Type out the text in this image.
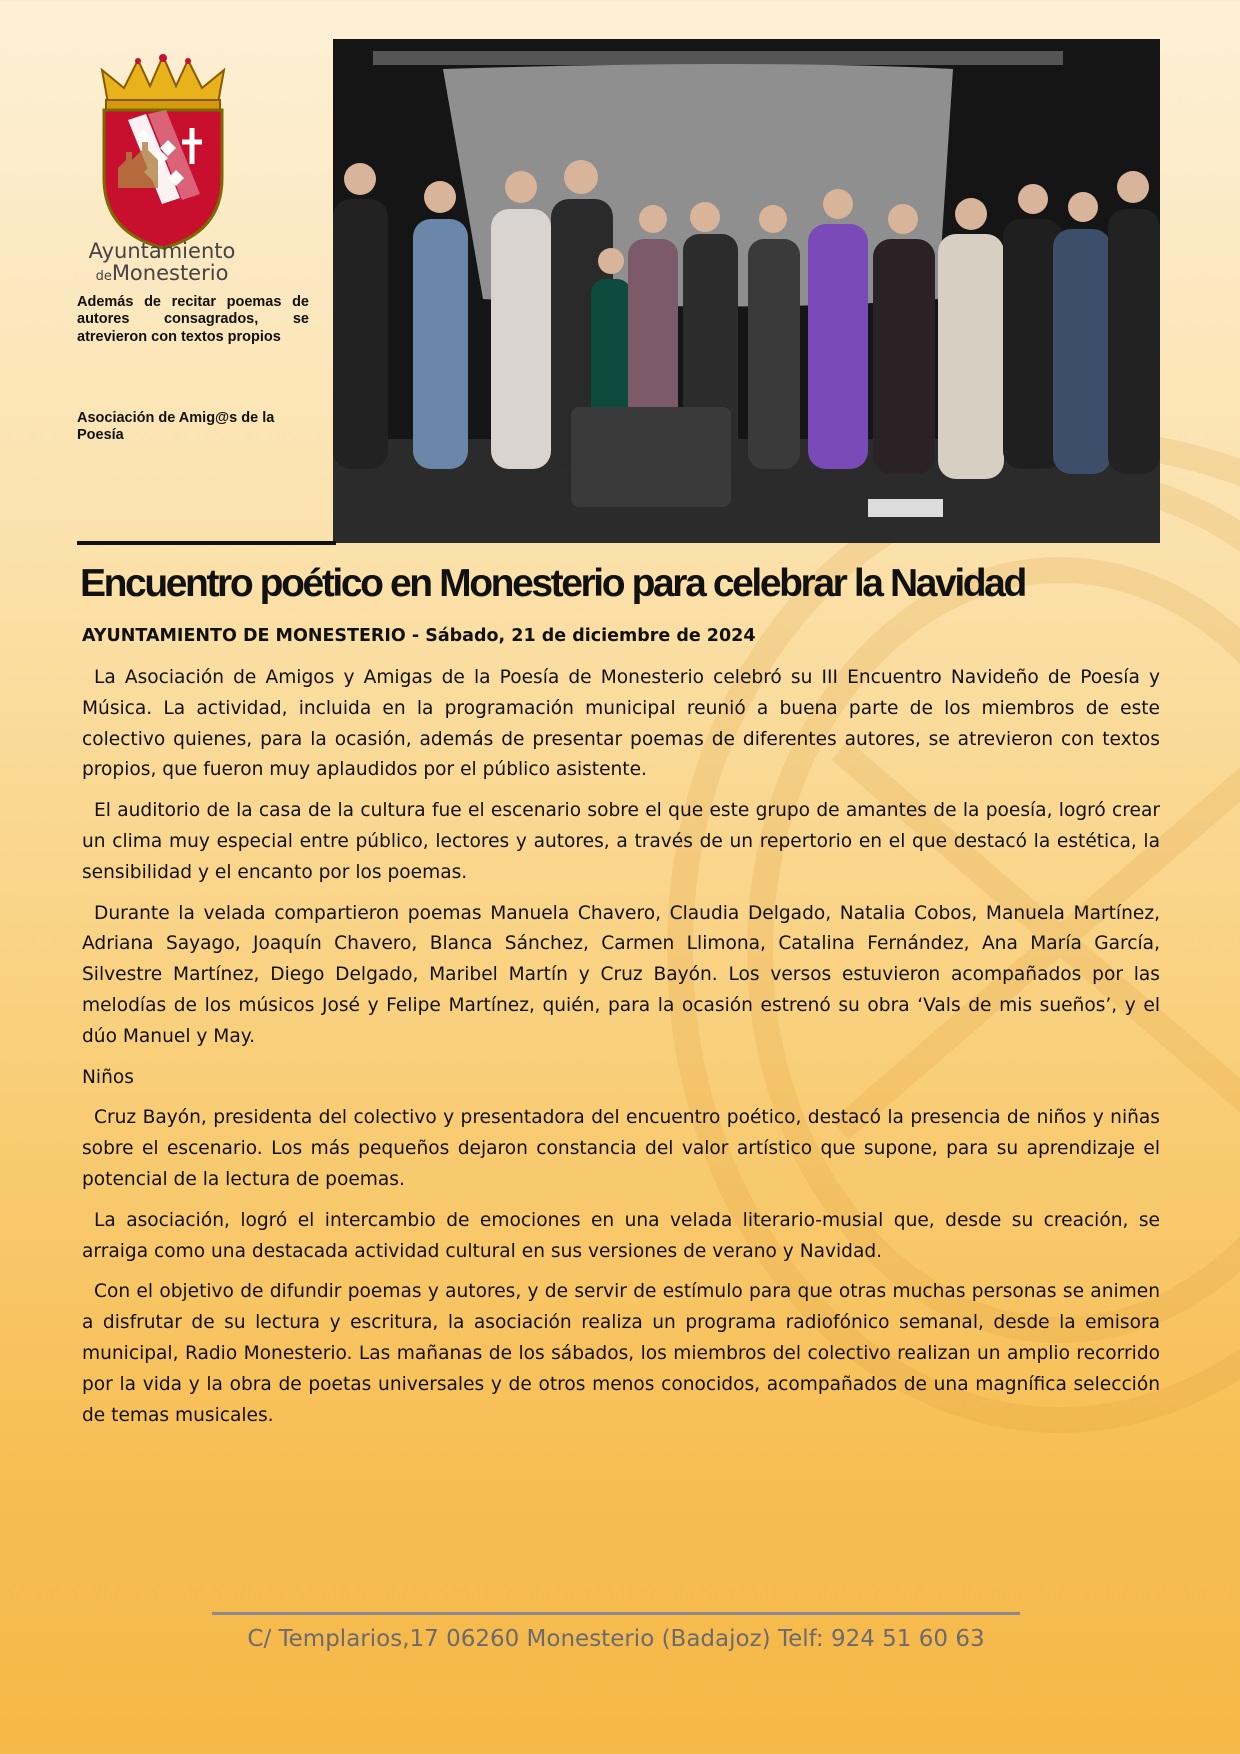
Ayuntamiento
deMonesterio
Además de recitar poemas de autores consagrados, se atrevieron con textos propios
Asociación de Amig@s de la Poesía
Encuentro poético en Monesterio para celebrar la Navidad
AYUNTAMIENTO DE MONESTERIO - Sábado, 21 de diciembre de 2024

La Asociación de Amigos y Amigas de la Poesía de Monesterio celebró su III Encuentro Navideño de Poesía y Música. La actividad, incluida en la programación municipal reunió a buena parte de los miembros de este colectivo quienes, para la ocasión, además de presentar poemas de diferentes autores, se atrevieron con textos propios, que fueron muy aplaudidos por el público asistente.

El auditorio de la casa de la cultura fue el escenario sobre el que este grupo de amantes de la poesía, logró crear un clima muy especial entre público, lectores y autores, a través de un repertorio en el que destacó la estética, la sensibilidad y el encanto por los poemas.

Durante la velada compartieron poemas Manuela Chavero, Claudia Delgado, Natalia Cobos, Manuela Martínez, Adriana Sayago, Joaquín Chavero, Blanca Sánchez, Carmen Llimona, Catalina Fernández, Ana María García, Silvestre Martínez, Diego Delgado, Maribel Martín y Cruz Bayón. Los versos estuvieron acompañados por las melodías de los músicos José y Felipe Martínez, quién, para la ocasión estrenó su obra ‘Vals de mis sueños’, y el dúo Manuel y May.

Niños

Cruz Bayón, presidenta del colectivo y presentadora del encuentro poético, destacó la presencia de niños y niñas sobre el escenario. Los más pequeños dejaron constancia del valor artístico que supone, para su aprendizaje el potencial de la lectura de poemas.

La asociación, logró el intercambio de emociones en una velada literario-musial que, desde su creación, se arraiga como una destacada actividad cultural en sus versiones de verano y Navidad.

Con el objetivo de difundir poemas y autores, y de servir de estímulo para que otras muchas personas se animen a disfrutar de su lectura y escritura, la asociación realiza un programa radiofónico semanal, desde la emisora municipal, Radio Monesterio. Las mañanas de los sábados, los miembros del colectivo realizan un amplio recorrido por la vida y la obra de poetas universales y de otros menos conocidos, acompañados de una magnífica selección de temas musicales.

C/ Templarios,17 06260 Monesterio (Badajoz) Telf: 924 51 60 63
